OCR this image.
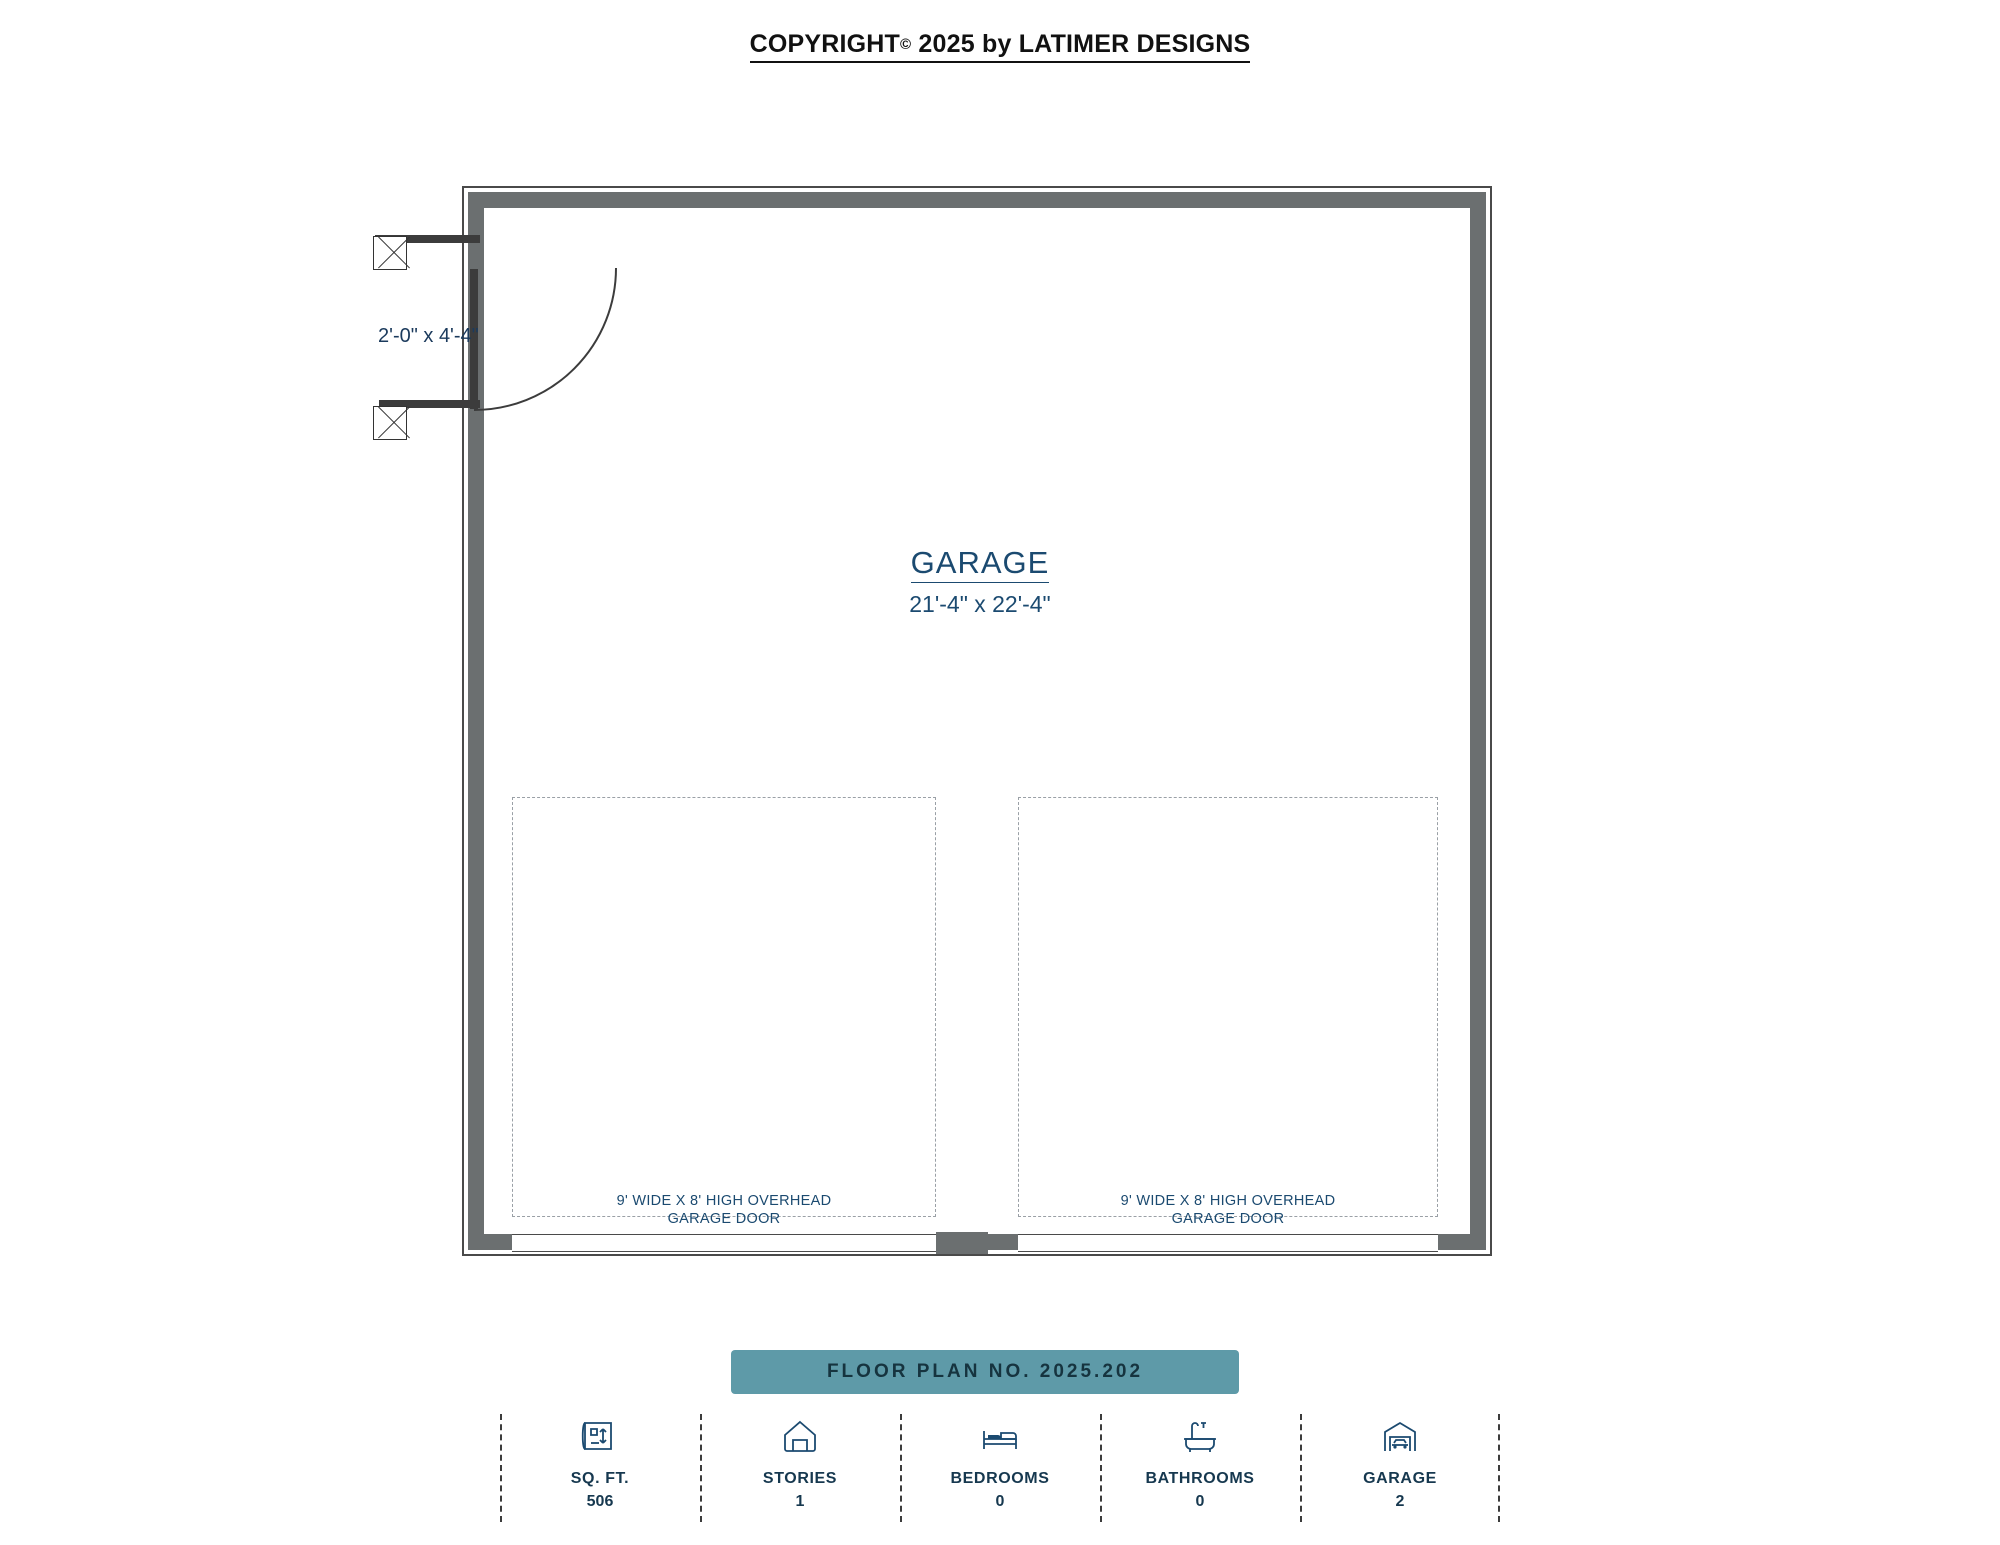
COPYRIGHT© 2025 by LATIMER DESIGNS
2'-0" x 4'-4"
GARAGE
21'-4" x 22'-4"
9' WIDE X 8' HIGH OVERHEAD
GARAGE DOOR
9' WIDE X 8' HIGH OVERHEAD
GARAGE DOOR
FLOOR PLAN NO. 2025.202
SQ. FT.
506
STORIES
1
BEDROOMS
0
BATHROOMS
0
GARAGE
2
